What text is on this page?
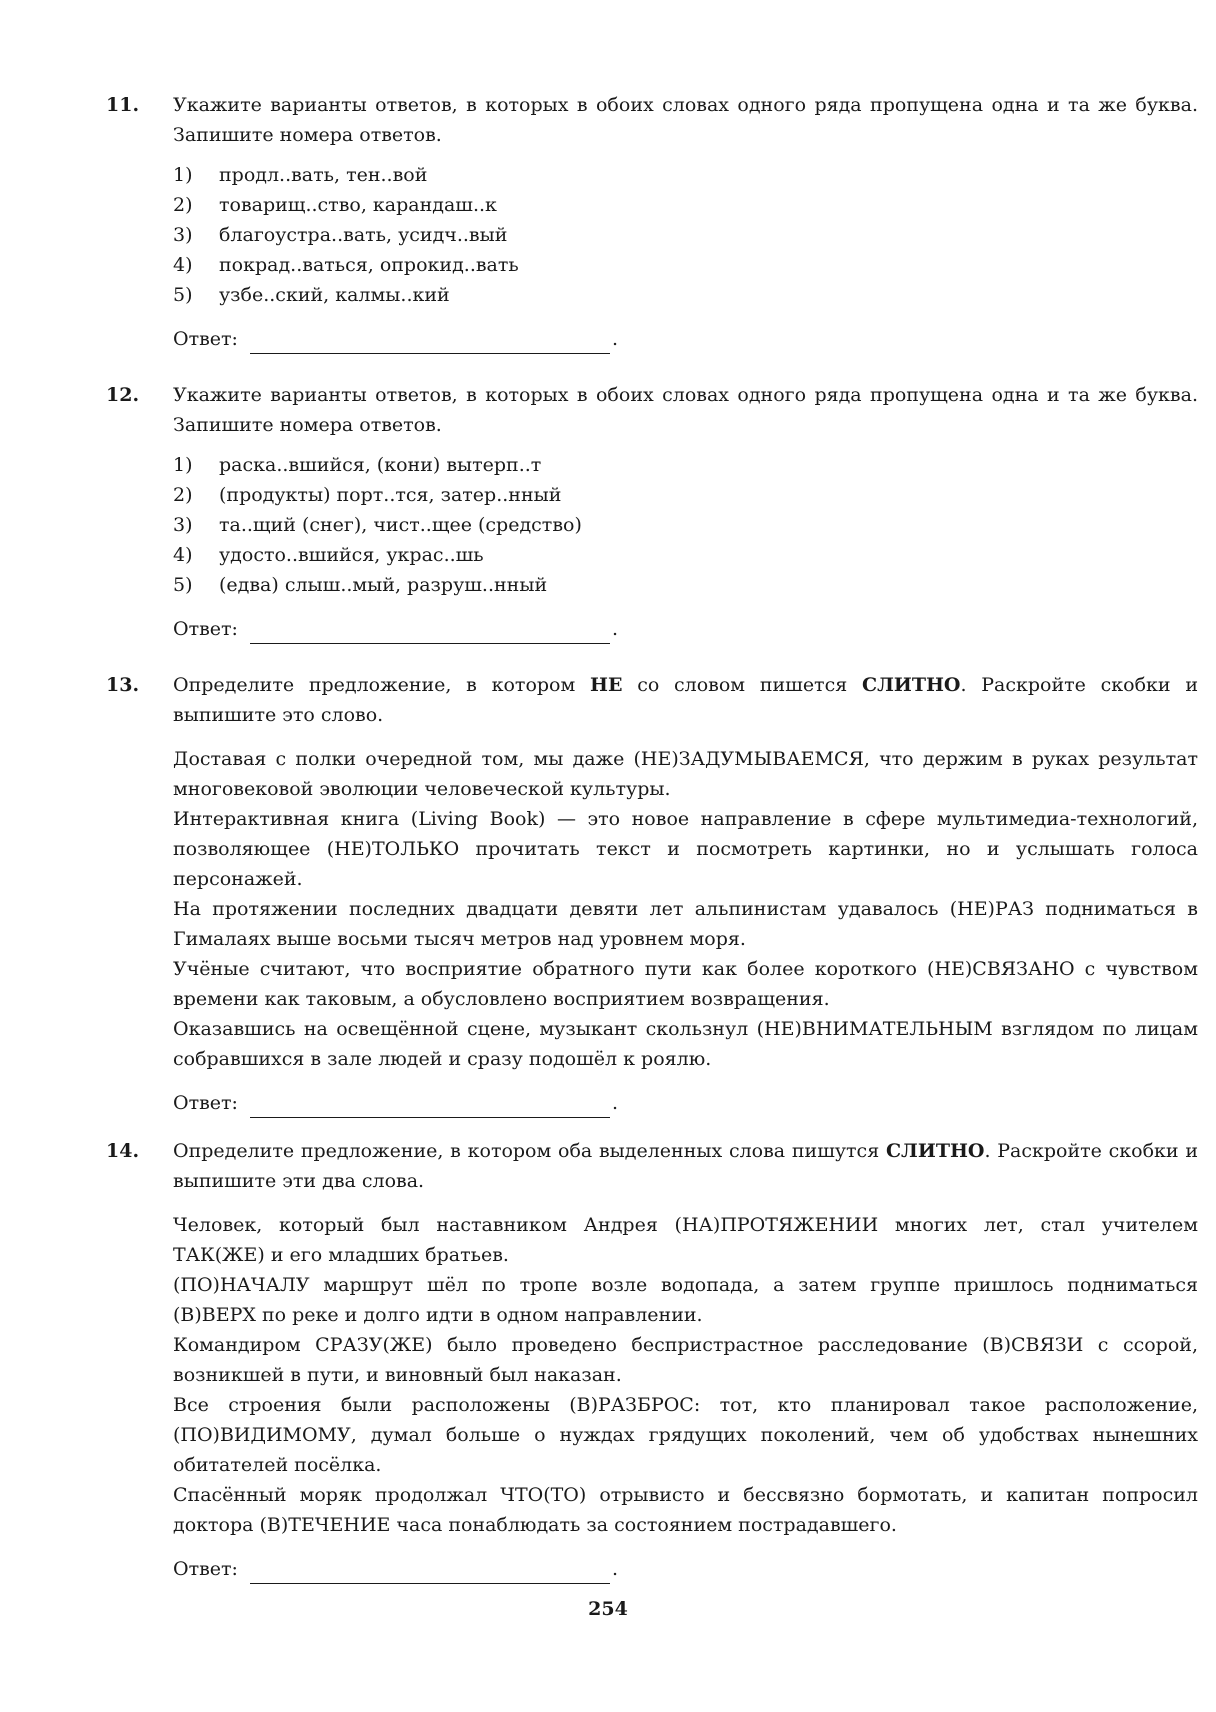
11. Укажите варианты ответов, в которых в обоих словах одного ряда пропущена одна и та же буква. Запишите номера ответов.
1)	продл..вать, тен..вой
2)	товарищ..ство, карандаш..к
3)	благоустра..вать, усидч..вый
4)	покрад..ваться, опрокид..вать
5)	узбе..ский, калмы..кий
Ответ:	.
12. Укажите варианты ответов, в которых в обоих словах одного ряда пропущена одна и та же буква. Запишите номера ответов.
1)	раска..вшийся, (кони) вытерп..т
2)	(продукты) порт..тся, затер..нный
3)	та..щий (снег), чист..щее (средство)
4)	удосто..вшийся, украс..шь
5)	(едва) слыш..мый, разруш..нный
Ответ:	.
13. Определите предложение, в котором НЕ со словом пишется СЛИТНО. Раскройте скобки и выпишите это слово.

Доставая с полки очередной том, мы даже (НЕ)ЗАДУМЫВАЕМСЯ, что держим в руках результат многовековой эволюции человеческой культуры.

Интерактивная книга (Living Book) — это новое направление в сфере мультимедиа-технологий, позволяющее (НЕ)ТОЛЬКО прочитать текст и посмотреть картинки, но и услышать голоса персонажей.

На протяжении последних двадцати девяти лет альпинистам удавалось (НЕ)РАЗ подниматься в Гималаях выше восьми тысяч метров над уровнем моря.

Учёные считают, что восприятие обратного пути как более короткого (НЕ)СВЯЗАНО с чувством времени как таковым, а обусловлено восприятием возвращения.

Оказавшись на освещённой сцене, музыкант скользнул (НЕ)ВНИМАТЕЛЬНЫМ взглядом по лицам собравшихся в зале людей и сразу подошёл к роялю.

Ответ:	.
14. Определите предложение, в котором оба выделенных слова пишутся СЛИТНО. Раскройте скобки и выпишите эти два слова.

Человек, который был наставником Андрея (НА)ПРОТЯЖЕНИИ многих лет, стал учителем ТАК(ЖЕ) и его младших братьев.

(ПО)НАЧАЛУ маршрут шёл по тропе возле водопада, а затем группе пришлось подниматься (В)ВЕРХ по реке и долго идти в одном направлении.

Командиром СРАЗУ(ЖЕ) было проведено беспристрастное расследование (В)СВЯЗИ с ссорой, возникшей в пути, и виновный был наказан.

Все строения были расположены (В)РАЗБРОС: тот, кто планировал такое расположение, (ПО)ВИДИМОМУ, думал больше о нуждах грядущих поколений, чем об удобствах нынешних обитателей посёлка.

Спасённый моряк продолжал ЧТО(ТО) отрывисто и бессвязно бормотать, и капитан попросил доктора (В)ТЕЧЕНИЕ часа понаблюдать за состоянием пострадавшего.

Ответ:	.
254
